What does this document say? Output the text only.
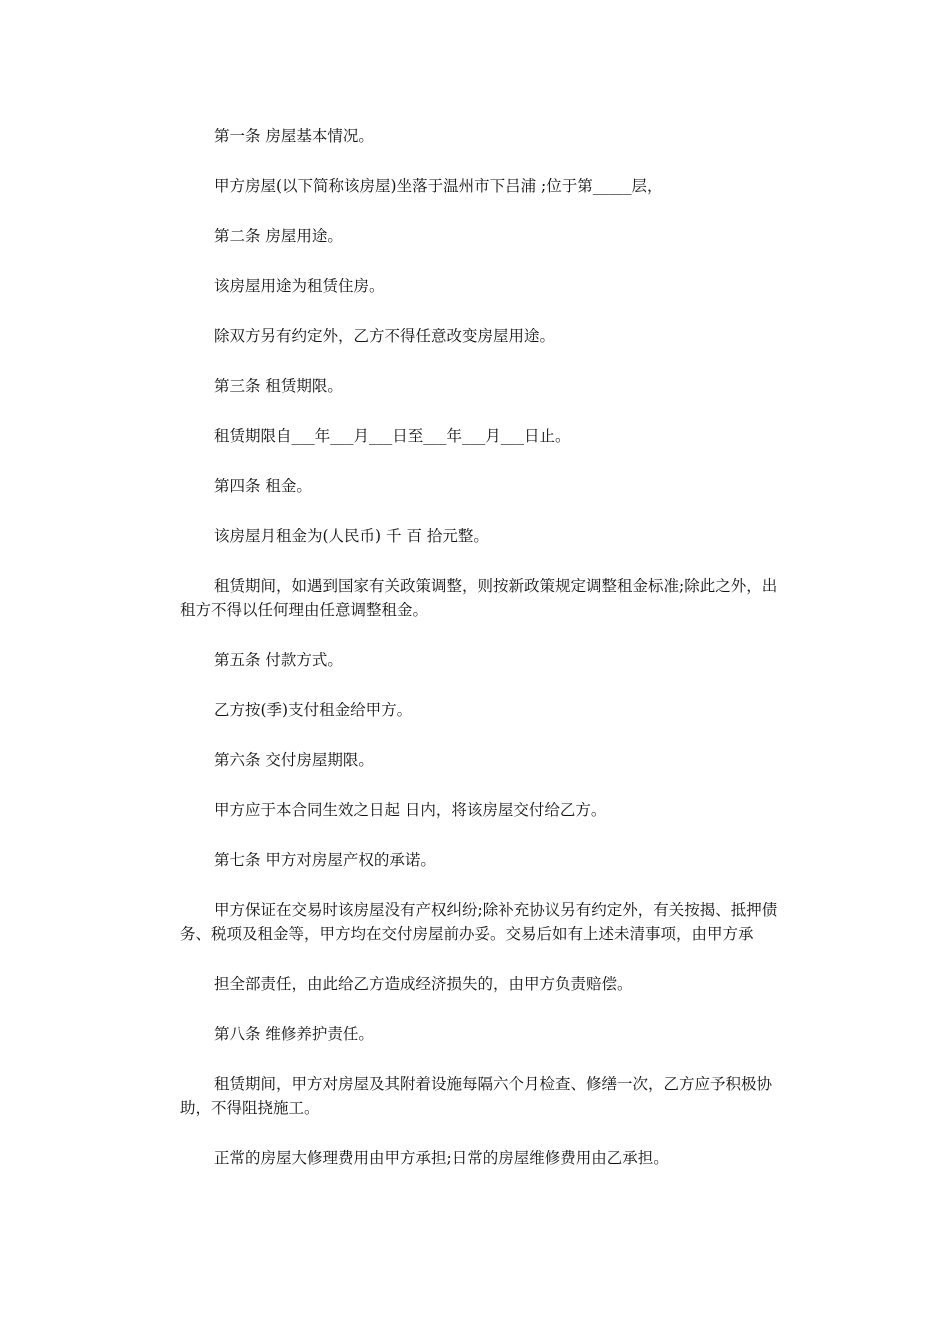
第一条 房屋基本情况。

甲方房屋(以下简称该房屋)坐落于温州市下吕浦 ;位于第_____层，

第二条 房屋用途。

该房屋用途为租赁住房。

除双方另有约定外，乙方不得任意改变房屋用途。

第三条 租赁期限。

租赁期限自___年___月___日至___年___月___日止。

第四条 租金。

该房屋月租金为(人民币) 千 百 拾元整。

租赁期间，如遇到国家有关政策调整，则按新政策规定调整租金标准;除此之外，出租方不得以任何理由任意调整租金。

第五条 付款方式。

乙方按(季)支付租金给甲方。

第六条 交付房屋期限。

甲方应于本合同生效之日起 日内，将该房屋交付给乙方。

第七条 甲方对房屋产权的承诺。

甲方保证在交易时该房屋没有产权纠纷;除补充协议另有约定外，有关按揭、抵押债务、税项及租金等，甲方均在交付房屋前办妥。交易后如有上述未清事项，由甲方承

担全部责任，由此给乙方造成经济损失的，由甲方负责赔偿。

第八条 维修养护责任。

租赁期间，甲方对房屋及其附着设施每隔六个月检查、修缮一次，乙方应予积极协助，不得阻挠施工。

正常的房屋大修理费用由甲方承担;日常的房屋维修费用由乙承担。
